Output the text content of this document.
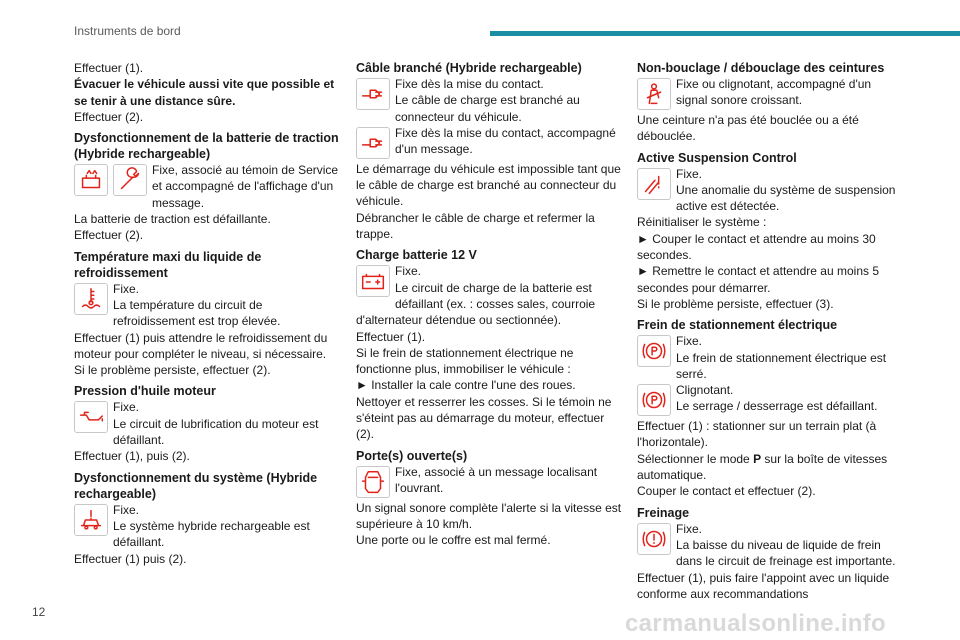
Instruments de bord

Effectuer (1).

Évacuer le véhicule aussi vite que possible et se tenir à une distance sûre.

Effectuer (2).

Dysfonctionnement de la batterie de traction (Hybride rechargeable)

Fixe, associé au témoin de Service et accompagné de l'affichage d'un message.

La batterie de traction est défaillante.

Effectuer (2).

Température maxi du liquide de refroidissement

Fixe.

La température du circuit de refroidissement est trop élevée.

Effectuer (1) puis attendre le refroidissement du moteur pour compléter le niveau, si nécessaire.

Si le problème persiste, effectuer (2).

Pression d'huile moteur

Fixe.

Le circuit de lubrification du moteur est défaillant.

Effectuer (1), puis (2).

Dysfonctionnement du système (Hybride rechargeable)

Fixe.

Le système hybride rechargeable est défaillant.

Effectuer (1) puis (2).

Câble branché (Hybride rechargeable)

Fixe dès la mise du contact.

Le câble de charge est branché au connecteur du véhicule.

Fixe dès la mise du contact, accompagné d'un message.

Le démarrage du véhicule est impossible tant que le câble de charge est branché au connecteur du véhicule.

Débrancher le câble de charge et refermer la trappe.

Charge batterie 12 V

Fixe.

Le circuit de charge de la batterie est défaillant (ex. : cosses sales, courroie d'alternateur détendue ou sectionnée).

Effectuer (1).

Si le frein de stationnement électrique ne fonctionne plus, immobiliser le véhicule :

► Installer la cale contre l'une des roues.

Nettoyer et resserrer les cosses. Si le témoin ne s'éteint pas au démarrage du moteur, effectuer (2).

Porte(s) ouverte(s)

Fixe, associé à un message localisant l'ouvrant.

Un signal sonore complète l'alerte si la vitesse est supérieure à 10 km/h.

Une porte ou le coffre est mal fermé.

Non-bouclage / débouclage des ceintures

Fixe ou clignotant, accompagné d'un signal sonore croissant.

Une ceinture n'a pas été bouclée ou a été débouclée.

Active Suspension Control

Fixe.

Une anomalie du système de suspension active est détectée.

Réinitialiser le système :

► Couper le contact et attendre au moins 30 secondes.

► Remettre le contact et attendre au moins 5 secondes pour démarrer.

Si le problème persiste, effectuer (3).

Frein de stationnement électrique

Fixe.

Le frein de stationnement électrique est serré.

Clignotant.

Le serrage / desserrage est défaillant.

Effectuer (1) : stationner sur un terrain plat (à l'horizontale).

Sélectionner le mode P sur la boîte de vitesses automatique.

Couper le contact et effectuer (2).

Freinage

Fixe.

La baisse du niveau de liquide de frein dans le circuit de freinage est importante.

Effectuer (1), puis faire l'appoint avec un liquide conforme aux recommandations

12	carmanualsonline.info
